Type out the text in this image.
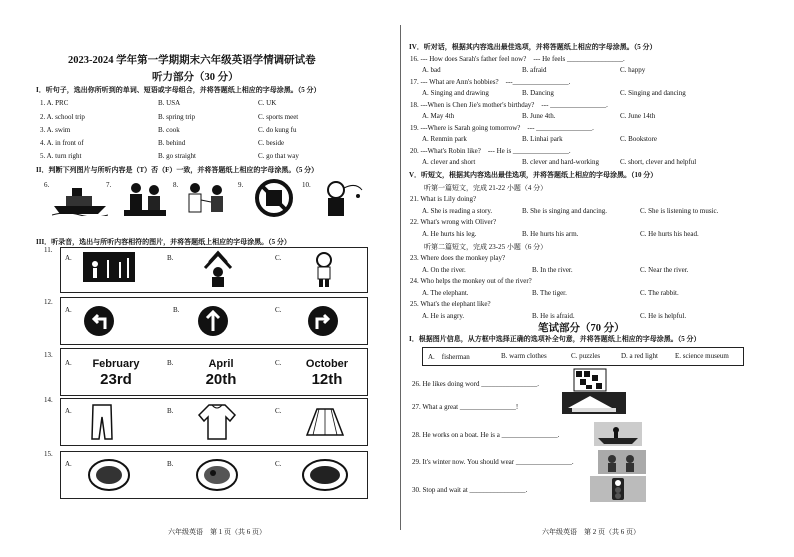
2023-2024 学年第一学期期末六年级英语学情调研试卷
听力部分（30 分）
I．听句子，选出你所听到的单词、短语或字母组合，并将答题纸上相应的字母涂黑。（5 分）
1. A. PRC	B. USA	C. UK
2. A. school trip	B. spring trip	C. sports meet
3. A. swim	B. cook	C. do kung fu
4. A. in front of	B. behind	C. beside
5. A. turn right	B. go straight	C. go that way
II．判断下列图片与所听内容是（T）否（F）一致，并将答题纸上相应的字母涂黑。（5 分）
6.	7.	8.	9.	10.
III．听录音，选出与所听内容相符的图片，并将答题纸上相应的字母涂黑。（5 分）
11.
A.	B.	C.
12.
A.	B.	C.
13.
A.	February
23rd
B.	April
20th
C.	October
12th
14.
A.	B.	C.
15.
A.	B.	C.
六年级英语　第 1 页（共 6 页）
IV．听对话，根据其内容选出最佳选项，并将答题纸上相应的字母涂黑。（5 分）
16. --- How does Sarah's father feel now?　--- He feels ________________.
A. bad	B. afraid	C. happy
17. --- What are Ann's hobbies?　---________________.
A. Singing and drawing	B. Dancing	C. Singing and dancing
18. ---When is Chen Jie's mother's birthday?　--- ________________.
A. May 4th	B. June 4th.	C. June 14th
19. ---Where is Sarah going tomorrow?　--- ________________.
A. Renmin park	B. Linhai park	C. Bookstore
20. ---What's Robin like?　--- He is ________________.
A. clever and short	B. clever and hard-working	C. short, clever and helpful
V．听短文，根据其内容选出最佳选项，并将答题纸上相应的字母涂黑。（10 分）
听第一篇短文，完成 21-22 小题（4 分）
21. What is Lily doing?
A. She is reading a story.	B. She is singing and dancing.	C. She is listening to music.
22. What's wrong with Oliver?
A. He hurts his leg.	B. He hurts his arm.	C. He hurts his head.
听第二篇短文，完成 23-25 小题（6 分）
23. Where does the monkey play?
A. On the river.	B. In the river.	C. Near the river.
24. Who helps the monkey out of the river?
A. The elephant.	B. The tiger.	C. The rabbit.
25. What's the elephant like?
A. He is angry.	B. He is afraid.	C. He is helpful.
笔试部分（70 分）
I．根据图片信息，从方框中选择正确的选项补全句意，并将答题纸上相应的字母涂黑。（5 分）
A.　fisherman	B. warm clothes	C. puzzles	D. a red light E. science museum
26. He likes doing word ________________.
27. What a great ________________!
28. He works on a boat. He is a ________________.
29. It's winter now. You should wear ________________.
30. Stop and wait at ________________.
六年级英语　第 2 页（共 6 页）
